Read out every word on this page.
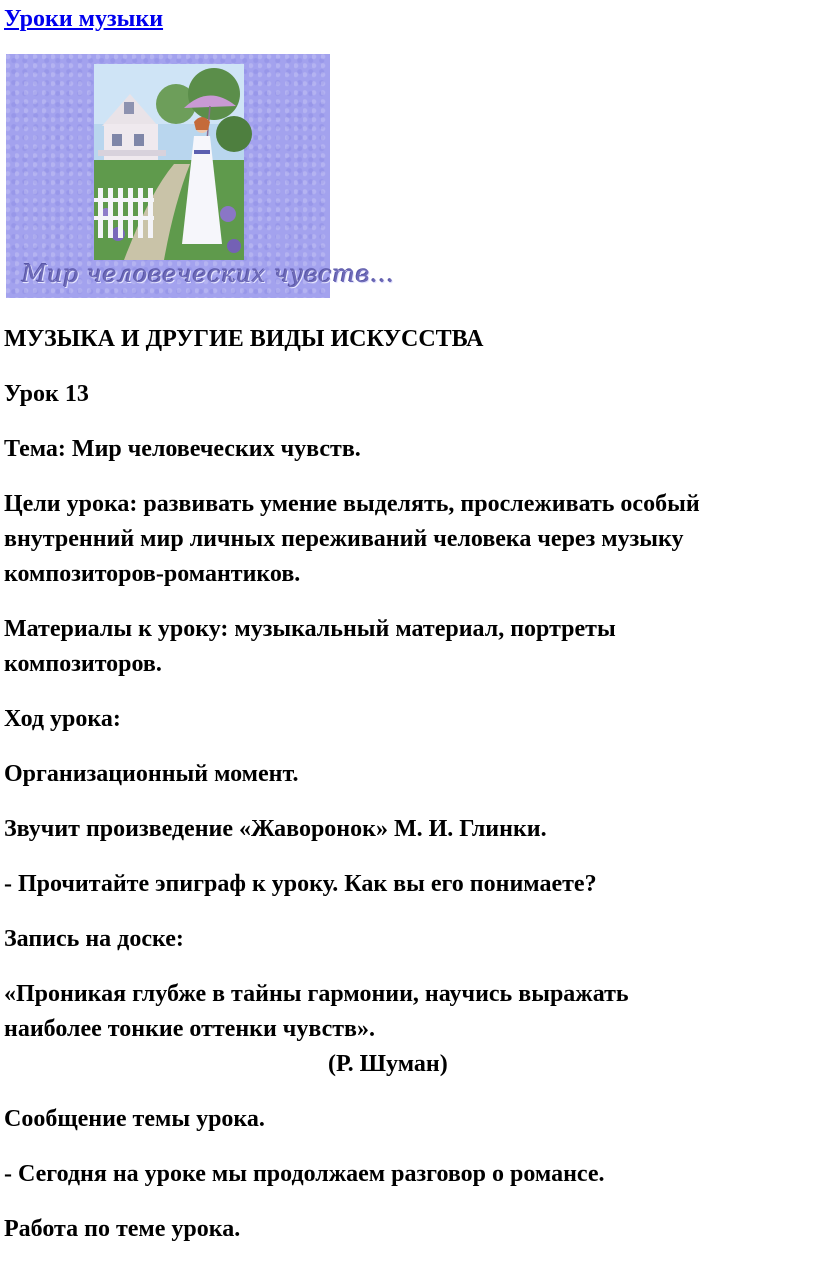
Уроки музыки
Мир человеческих чувств...
МУЗЫКА И ДРУГИЕ ВИДЫ ИСКУССТВА
Урок 13
Тема: Мир человеческих чувств.
Цели урока: развивать умение выделять, прослеживать особый
внутренний мир личных переживаний человека через музыку
композиторов-романтиков.
Материалы к уроку: музыкальный материал, портреты
композиторов.
Ход урока:
Организационный момент.
Звучит произведение «Жаворонок» М. И. Глинки.
- Прочитайте эпиграф к уроку. Как вы его понимаете?
Запись на доске:
«Проникая глубже в тайны гармонии, научись выражать
наиболее тонкие оттенки чувств».
(Р. Шуман)
Сообщение темы урока.
- Сегодня на уроке мы продолжаем разговор о романсе.
Работа по теме урока.
